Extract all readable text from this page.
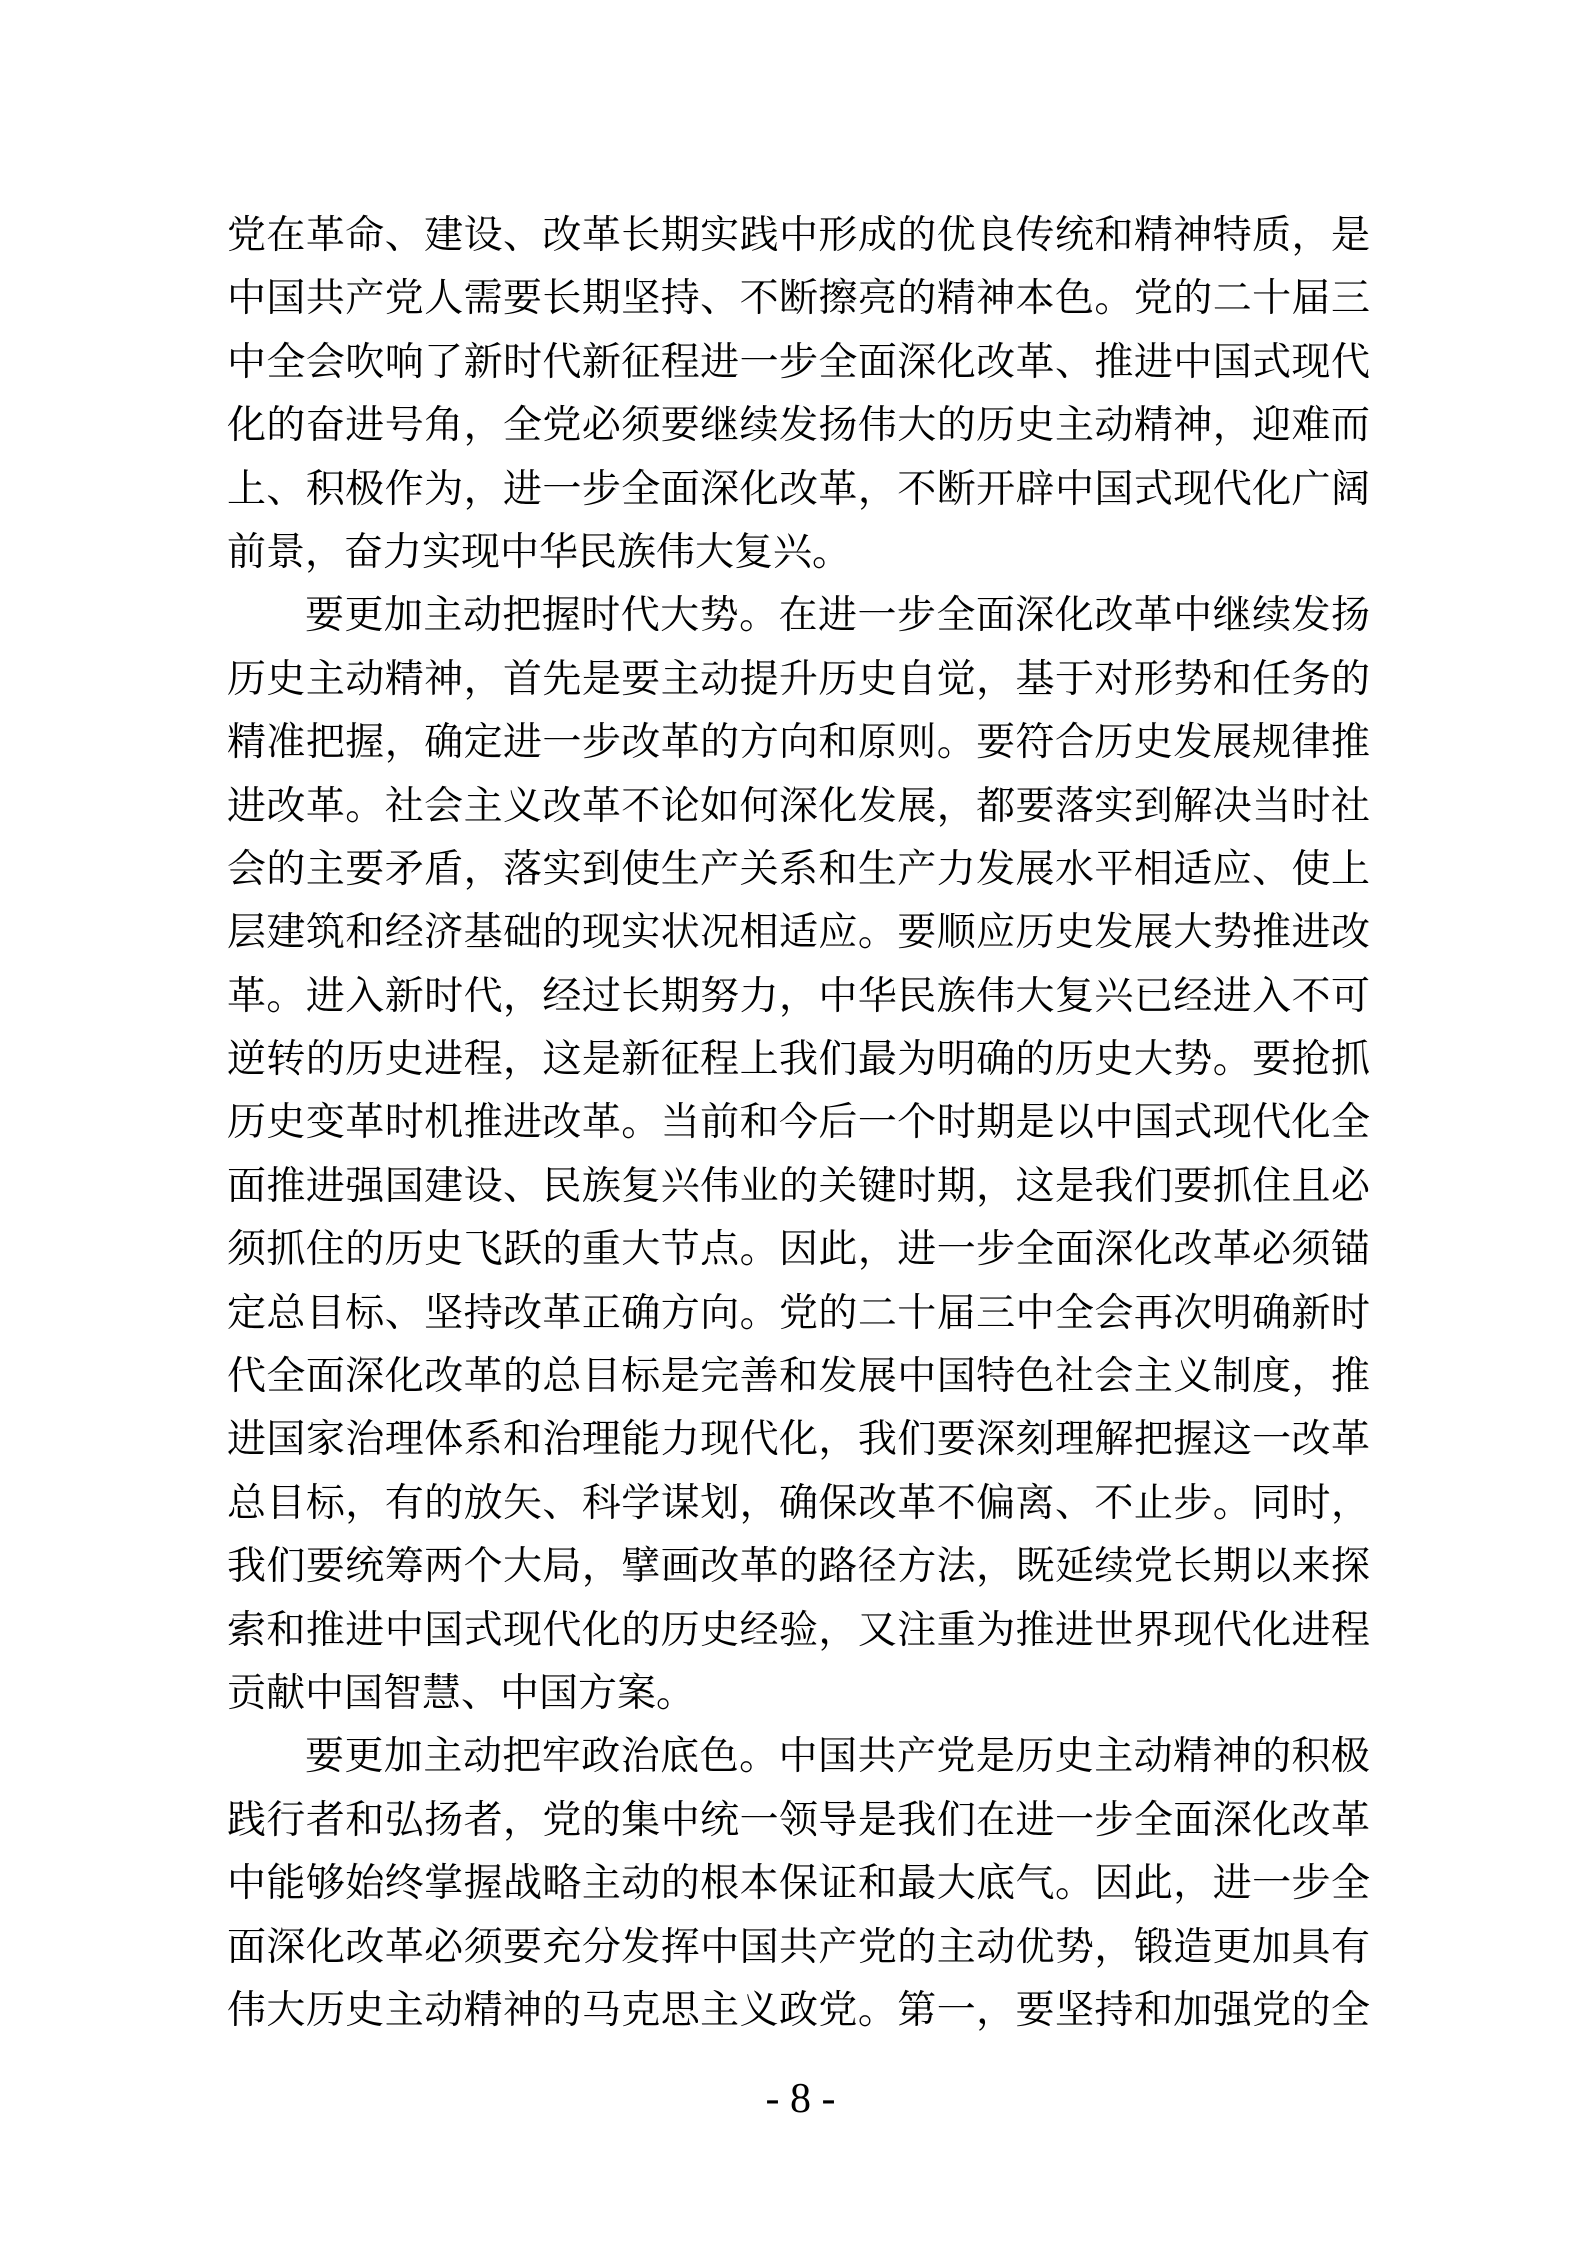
党在革命、建设、改革长期实践中形成的优良传统和精神特质，是
中国共产党人需要长期坚持、不断擦亮的精神本色。党的二十届三
中全会吹响了新时代新征程进一步全面深化改革、推进中国式现代
化的奋进号角，全党必须要继续发扬伟大的历史主动精神，迎难而
上、积极作为，进一步全面深化改革，不断开辟中国式现代化广阔
前景，奋力实现中华民族伟大复兴。
要更加主动把握时代大势。在进一步全面深化改革中继续发扬
历史主动精神，首先是要主动提升历史自觉，基于对形势和任务的
精准把握，确定进一步改革的方向和原则。要符合历史发展规律推
进改革。社会主义改革不论如何深化发展，都要落实到解决当时社
会的主要矛盾，落实到使生产关系和生产力发展水平相适应、使上
层建筑和经济基础的现实状况相适应。要顺应历史发展大势推进改
革。进入新时代，经过长期努力，中华民族伟大复兴已经进入不可
逆转的历史进程，这是新征程上我们最为明确的历史大势。要抢抓
历史变革时机推进改革。当前和今后一个时期是以中国式现代化全
面推进强国建设、民族复兴伟业的关键时期，这是我们要抓住且必
须抓住的历史飞跃的重大节点。因此，进一步全面深化改革必须锚
定总目标、坚持改革正确方向。党的二十届三中全会再次明确新时
代全面深化改革的总目标是完善和发展中国特色社会主义制度，推
进国家治理体系和治理能力现代化，我们要深刻理解把握这一改革
总目标，有的放矢、科学谋划，确保改革不偏离、不止步。同时，
我们要统筹两个大局，擘画改革的路径方法，既延续党长期以来探
索和推进中国式现代化的历史经验，又注重为推进世界现代化进程
贡献中国智慧、中国方案。
要更加主动把牢政治底色。中国共产党是历史主动精神的积极
践行者和弘扬者，党的集中统一领导是我们在进一步全面深化改革
中能够始终掌握战略主动的根本保证和最大底气。因此，进一步全
面深化改革必须要充分发挥中国共产党的主动优势，锻造更加具有
伟大历史主动精神的马克思主义政党。第一，要坚持和加强党的全
- 8 -
